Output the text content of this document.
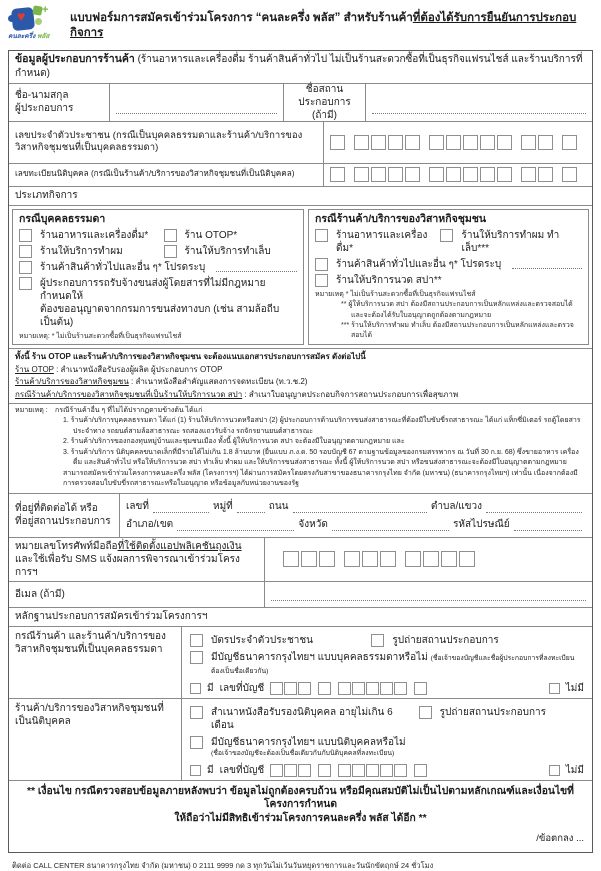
♥ +
คนละครึ่ง พลัส
แบบฟอร์มการสมัครเข้าร่วมโครงการ “คนละครึ่ง พลัส” สำหรับร้านค้าที่ต้องได้รับการยืนยันการประกอบกิจการ
ข้อมูลผู้ประกอบการร้านค้า (ร้านอาหารและเครื่องดื่ม ร้านค้าสินค้าทั่วไป ไม่เป็นร้านสะดวกซื้อที่เป็นธุรกิจแฟรนไชส์ และร้านบริการที่กำหนด)
ชื่อ-นามสกุล
ผู้ประกอบการ
ชื่อสถานประกอบการ
(ถ้ามี)
เลขประจำตัวประชาชน (กรณีเป็นบุคคลธรรมดาและร้านค้า/บริการของวิสาหกิจชุมชนที่เป็นบุคคลธรรมดา)
เลขทะเบียนนิติบุคคล (กรณีเป็นร้านค้า/บริการของวิสาหกิจชุมชนที่เป็นนิติบุคคล)
ประเภทกิจการ
กรณีบุคคลธรรมดา
ร้านอาหารและเครื่องดื่ม*	ร้าน OTOP*
ร้านให้บริการทำผม	ร้านให้บริการทำเล็บ
ร้านค้าสินค้าทั่วไปและอื่น ๆ* โปรดระบุ
ผู้ประกอบการรถรับจ้างขนส่งผู้โดยสารที่ไม่มีกฎหมายกำหนดให้
ต้องขออนุญาตจากกรมการขนส่งทางบก (เช่น สามล้อถีบ เป็นต้น)
หมายเหตุ: * ไม่เป็นร้านสะดวกซื้อที่เป็นธุรกิจแฟรนไชส์
กรณีร้านค้า/บริการของวิสาหกิจชุมชน
ร้านอาหารและเครื่องดื่ม*
ร้านให้บริการทำผม ทำเล็บ***
ร้านค้าสินค้าทั่วไปและอื่น ๆ* โปรดระบุ
ร้านให้บริการนวด สปา**

หมายเหตุ * ไม่เป็นร้านสะดวกซื้อที่เป็นธุรกิจแฟรนไชส์

** ผู้ให้บริการนวด สปา ต้องมีสถานประกอบการเป็นหลักแหล่งและตรวจสอบได้ และจะต้องได้รับใบอนุญาตถูกต้องตามกฎหมาย

*** ร้านให้บริการทำผม ทำเล็บ ต้องมีสถานประกอบการเป็นหลักแหล่งและตรวจสอบได้

ทั้งนี้ ร้าน OTOP และร้านค้า/บริการของวิสาหกิจชุมชน จะต้องแนบเอกสารประกอบการสมัคร ดังต่อไปนี้

ร้าน OTOP : สำเนาหนังสือรับรองผู้ผลิต ผู้ประกอบการ OTOP

ร้านค้า/บริการของวิสาหกิจชุมชน : สำเนาหนังสือสำคัญแสดงการจดทะเบียน (ท.ว.ช.2)

กรณีร้านค้า/บริการของวิสาหกิจชุมชนที่เป็นร้านให้บริการนวด สปา : สำเนาใบอนุญาตประกอบกิจการสถานประกอบการเพื่อสุขภาพ

หมายเหตุ :	กรณีร้านค้าอื่น ๆ ที่ไม่ได้ปรากฏตามข้างต้น ได้แก่

1. ร้านค้า/บริการบุคคลธรรมดา ได้แก่ (1) ร้านให้บริการนวดหรือสปา (2) ผู้ประกอบการด้านบริการขนส่งสาธารณะที่ต้องมีใบขับขี่รถสาธารณะ ได้แก่ แท็กซี่มิเตอร์ รถตู้โดยสารประจำทาง รถยนต์สามล้อสาธารณะ รถสองแถวรับจ้าง รถจักรยานยนต์สาธารณะ

2. ร้านค้า/บริการของกองทุนหมู่บ้านและชุมชนเมือง ทั้งนี้ ผู้ให้บริการนวด สปา จะต้องมีใบอนุญาตตามกฎหมาย และ

3. ร้านค้า/บริการ นิติบุคคลขนาดเล็กที่มีรายได้ไม่เกิน 1.8 ล้านบาท (ยื่นแบบ ภ.ง.ด. 50 รอบบัญชี 67 ตามฐานข้อมูลของกรมสรรพากร ณ วันที่ 30 ก.ย. 68) ซึ่งขายอาหาร เครื่องดื่ม และสินค้าทั่วไป หรือให้บริการนวด สปา ทำเล็บ ทำผม และให้บริการขนส่งสาธารณะ ทั้งนี้ ผู้ให้บริการนวด สปา หรือขนส่งสาธารณะจะต้องมีใบอนุญาตตามกฎหมาย

สามารถสมัครเข้าร่วมโครงการคนละครึ่ง พลัส (โครงการฯ) ได้ผ่านการสมัครโดยตรงกับสาขาของธนาคารกรุงไทย จำกัด (มหาชน) (ธนาคารกรุงไทยฯ) เท่านั้น เนื่องจากต้องมีการตรวจสอบใบขับขี่รถสาธารณะหรือใบอนุญาต หรือข้อมูลกับหน่วยงานของรัฐ

ที่อยู่ที่ติดต่อได้ หรือ
ที่อยู่สถานประกอบการ
เลขที่	หมู่ที่	ถนน	ตำบล/แขวง
อำเภอ/เขต	จังหวัด	รหัสไปรษณีย์
หมายเลขโทรศัพท์มือถือที่ใช้ติดตั้งแอปพลิเคชันถุงเงิน
และใช้เพื่อรับ SMS แจ้งผลการพิจารณาเข้าร่วมโครงการฯ
อีเมล (ถ้ามี)
หลักฐานประกอบการสมัครเข้าร่วมโครงการฯ
กรณีร้านค้า และร้านค้า/บริการของวิสาหกิจชุมชนที่เป็นบุคคลธรรมดา
บัตรประจำตัวประชาชน	รูปถ่ายสถานประกอบการ
มีบัญชีธนาคารกรุงไทยฯ แบบบุคคลธรรมดาหรือไม่ (ชื่อเจ้าของบัญชีและชื่อผู้ประกอบการที่ลงทะเบียนต้องเป็นชื่อเดียวกัน)
มี เลขที่บัญชี	ไม่มี
ร้านค้า/บริการของวิสาหกิจชุมชนที่เป็นนิติบุคคล
สำเนาหนังสือรับรองนิติบุคคล อายุไม่เกิน 6 เดือน
รูปถ่ายสถานประกอบการ
มีบัญชีธนาคารกรุงไทยฯ แบบนิติบุคคลหรือไม่
(ชื่อเจ้าของบัญชีจะต้องเป็นชื่อเดียวกันกับนิติบุคคลที่ลงทะเบียน)
มี เลขที่บัญชี	ไม่มี
** เงื่อนไข กรณีตรวจสอบข้อมูลภายหลังพบว่า ข้อมูลไม่ถูกต้องครบถ้วน หรือมีคุณสมบัติไม่เป็นไปตามหลักเกณฑ์และเงื่อนไขที่โครงการกำหนด
ให้ถือว่าไม่มีสิทธิเข้าร่วมโครงการคนละครึ่ง พลัส ได้อีก **
/ข้อตกลง ...
ติดต่อ CALL CENTER ธนาคารกรุงไทย จำกัด (มหาชน) 0 2111 9999 กด 3 ทุกวันไม่เว้นวันหยุดราชการและวันนักขัตฤกษ์ 24 ชั่วโมง
